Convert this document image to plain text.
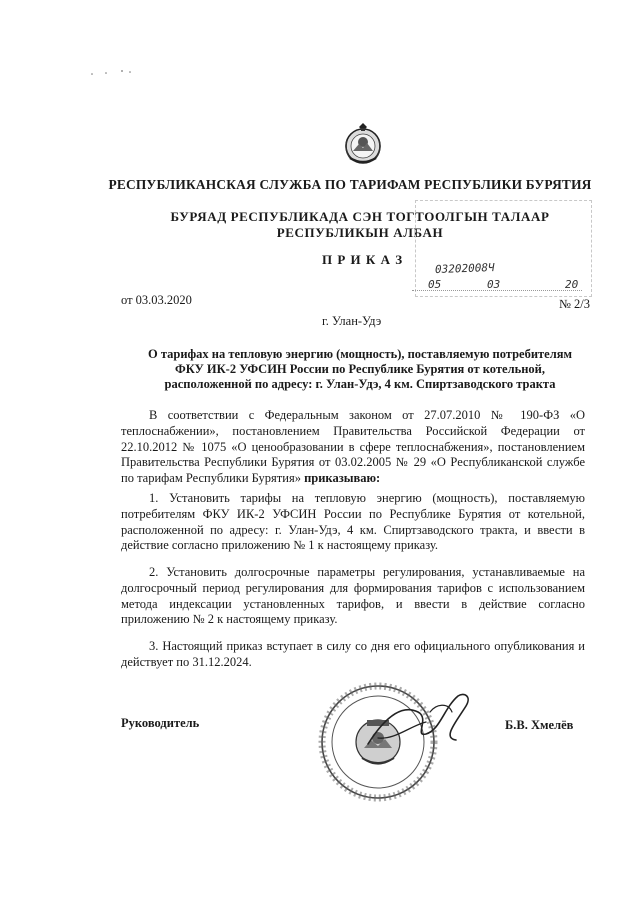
РЕСПУБЛИКАНСКАЯ СЛУЖБА ПО ТАРИФАМ РЕСПУБЛИКИ БУРЯТИЯ
БУРЯАД РЕСПУБЛИКАДА СЭН ТОГТООЛГЫН ТАЛААР
РЕСПУБЛИКЫН АЛБАН
П Р И К А З
03202008Ч
05	03	20
от 03.03.2020	№ 2/3
г. Улан-Удэ
О тарифах на тепловую энергию (мощность), поставляемую потребителям
ФКУ ИК-2 УФСИН России по Республике Бурятия от котельной,
расположенной по адресу: г. Улан-Удэ, 4 км. Спиртзаводского тракта
В соответствии с Федеральным законом от 27.07.2010 № 190-ФЗ «О теплоснабжении», постановлением Правительства Российской Федерации от 22.10.2012 № 1075 «О ценообразовании в сфере теплоснабжения», постановлением Правительства Республики Бурятия от 03.02.2005 № 29 «О Республиканской службе по тарифам Республики Бурятия» приказываю:
1. Установить тарифы на тепловую энергию (мощность), поставляемую потребителям ФКУ ИК-2 УФСИН России по Республике Бурятия от котельной, расположенной по адресу: г. Улан-Удэ, 4 км. Спиртзаводского тракта, и ввести в действие согласно приложению № 1 к настоящему приказу.
2. Установить долгосрочные параметры регулирования, устанавливаемые на долгосрочный период регулирования для формирования тарифов с использованием метода индексации установленных тарифов, и ввести в действие согласно приложению № 2 к настоящему приказу.
3. Настоящий приказ вступает в силу со дня его официального опубликования и действует по 31.12.2024.
Руководитель	Б.В. Хмелёв
